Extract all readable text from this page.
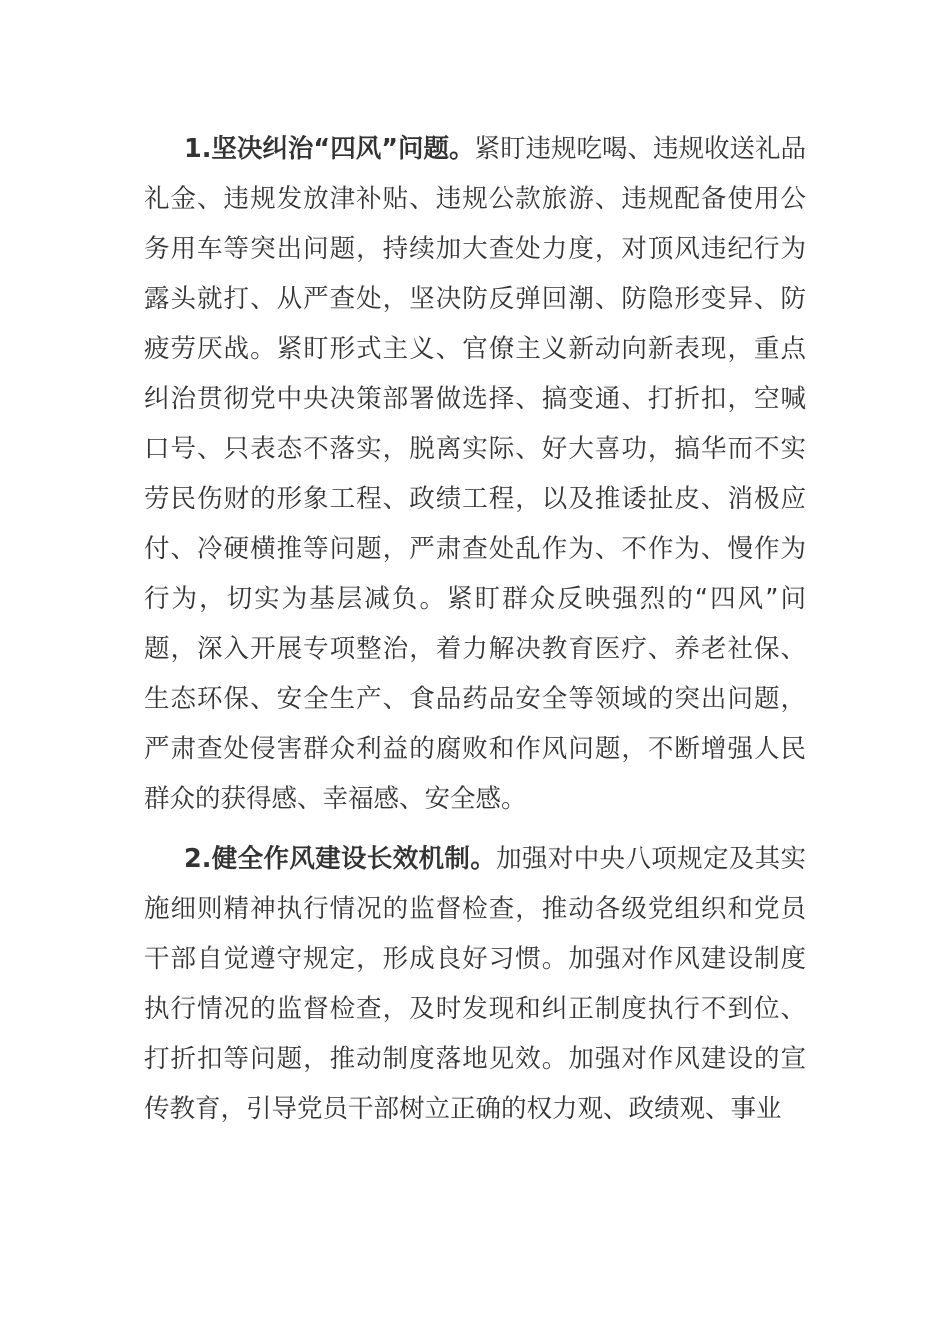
1.坚决纠治“四风”问题。紧盯违规吃喝、违规收送礼品礼金、违规发放津补贴、违规公款旅游、违规配备使用公务用车等突出问题，持续加大查处力度，对顶风违纪行为露头就打、从严查处，坚决防反弹回潮、防隐形变异、防疲劳厌战。紧盯形式主义、官僚主义新动向新表现，重点纠治贯彻党中央决策部署做选择、搞变通、打折扣，空喊口号、只表态不落实，脱离实际、好大喜功，搞华而不实劳民伤财的形象工程、政绩工程，以及推诿扯皮、消极应付、冷硬横推等问题，严肃查处乱作为、不作为、慢作为行为，切实为基层减负。紧盯群众反映强烈的“四风”问题，深入开展专项整治，着力解决教育医疗、养老社保、生态环保、安全生产、食品药品安全等领域的突出问题，严肃查处侵害群众利益的腐败和作风问题，不断增强人民群众的获得感、幸福感、安全感。

2.健全作风建设长效机制。加强对中央八项规定及其实施细则精神执行情况的监督检查，推动各级党组织和党员干部自觉遵守规定，形成良好习惯。加强对作风建设制度执行情况的监督检查，及时发现和纠正制度执行不到位、打折扣等问题，推动制度落地见效。加强对作风建设的宣传教育，引导党员干部树立正确的权力观、政绩观、事业
